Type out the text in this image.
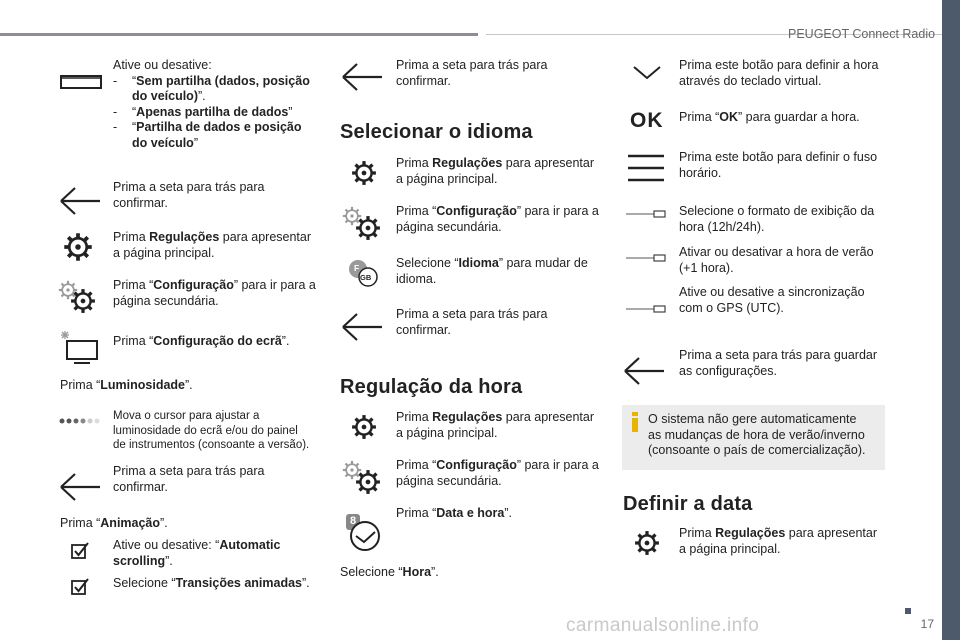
PEUGEOT Connect Radio
17
carmanualsonline.info
Ative ou desative:
- “Sem partilha (dados, posição
do veículo)”.
- “Apenas partilha de dados”
- “Partilha de dados e posição
do veículo”
Prima a seta para trás para
confirmar.
Prima Regulações para apresentar
a página principal.
Prima “Configuração” para ir para a
página secundária.
Prima “Configuração do ecrã”.
Prima “Luminosidade”.
Mova o cursor para ajustar a
luminosidade do ecrã e/ou do painel
de instrumentos (consoante a versão).
Prima a seta para trás para
confirmar.
Prima “Animação”.
Ative ou desative: “Automatic
scrolling”.
Selecione “Transições animadas”.
Prima a seta para trás para
confirmar.
Selecionar o idioma
Prima Regulações para apresentar
a página principal.
Prima “Configuração” para ir para a
página secundária.
F
GB
Selecione “Idioma” para mudar de
idioma.
Prima a seta para trás para
confirmar.
Regulação da hora
Prima Regulações para apresentar
a página principal.
Prima “Configuração” para ir para a
página secundária.
8
Prima “Data e hora”.
Selecione “Hora”.
Prima este botão para definir a hora
através do teclado virtual.
OK Prima “OK” para guardar a hora.
Prima este botão para definir o fuso
horário.
Selecione o formato de exibição da
hora (12h/24h).
Ativar ou desativar a hora de verão
(+1 hora).
Ative ou desative a sincronização
com o GPS (UTC).
Prima a seta para trás para guardar
as configurações.
O sistema não gere automaticamente
as mudanças de hora de verão/inverno
(consoante o país de comercialização).
Definir a data
Prima Regulações para apresentar
a página principal.
